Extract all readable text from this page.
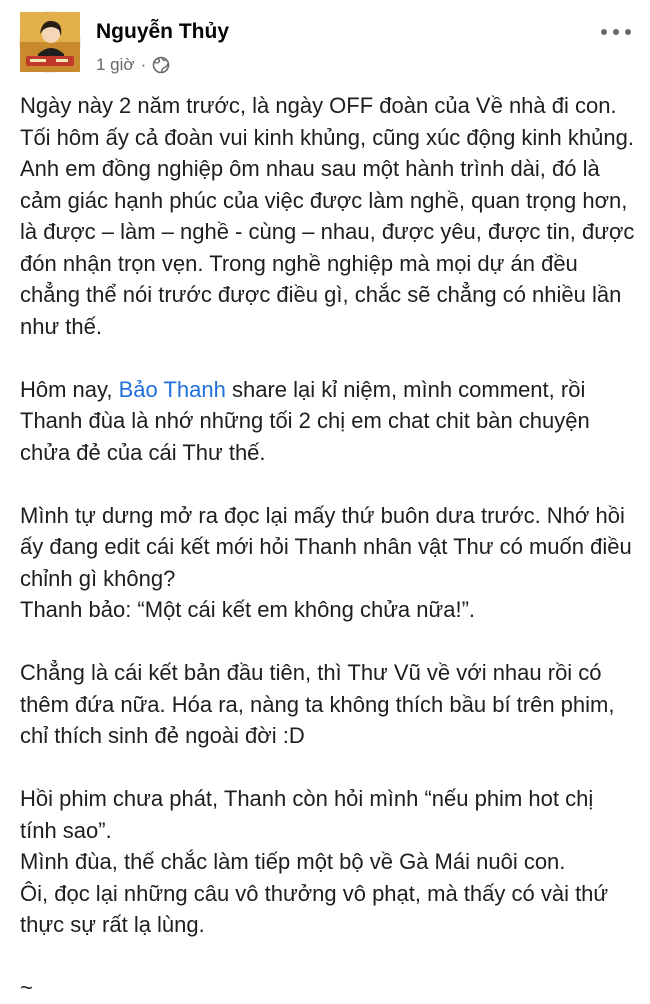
Nguyễn Thủy
1 giờ ·

Ngày này 2 năm trước, là ngày OFF đoàn của Về nhà đi con. Tối hôm ấy cả đoàn vui kinh khủng, cũng xúc động kinh khủng. Anh em đồng nghiệp ôm nhau sau một hành trình dài, đó là cảm giác hạnh phúc của việc được làm nghề, quan trọng hơn, là được – làm – nghề - cùng – nhau, được yêu, được tin, được đón nhận trọn vẹn. Trong nghề nghiệp mà mọi dự án đều chẳng thể nói trước được điều gì, chắc sẽ chẳng có nhiều lần như thế.

Hôm nay, Bảo Thanh share lại kỉ niệm, mình comment, rồi Thanh đùa là nhớ những tối 2 chị em chat chit bàn chuyện chửa đẻ của cái Thư thế.

Mình tự dưng mở ra đọc lại mấy thứ buôn dưa trước. Nhớ hồi ấy đang edit cái kết mới hỏi Thanh nhân vật Thư có muốn điều chỉnh gì không?
Thanh bảo: “Một cái kết em không chửa nữa!”.

Chẳng là cái kết bản đầu tiên, thì Thư Vũ về với nhau rồi có thêm đứa nữa. Hóa ra, nàng ta không thích bầu bí trên phim, chỉ thích sinh đẻ ngoài đời :D

Hồi phim chưa phát, Thanh còn hỏi mình “nếu phim hot chị tính sao”.
Mình đùa, thế chắc làm tiếp một bộ về Gà Mái nuôi con.
Ôi, đọc lại những câu vô thưởng vô phạt, mà thấy có vài thứ thực sự rất lạ lùng.

~
